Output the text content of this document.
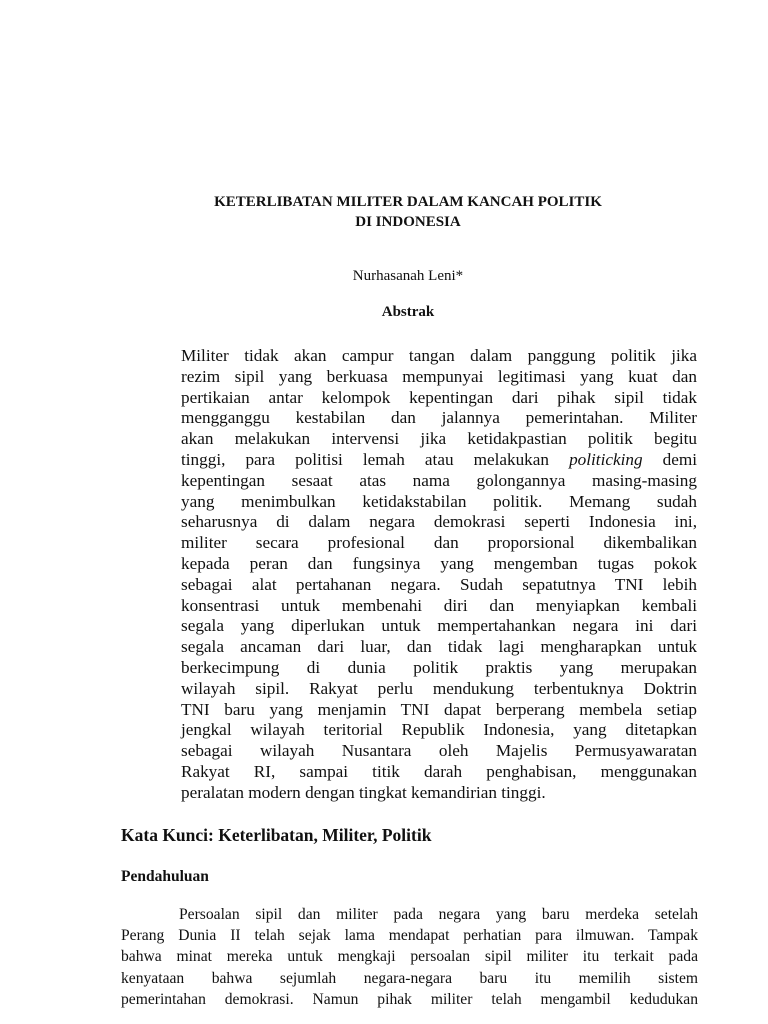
KETERLIBATAN MILITER DALAM KANCAH POLITIK
DI INDONESIA
Nurhasanah Leni*
Abstrak
Militer tidak akan campur tangan dalam panggung politik jika
rezim sipil yang berkuasa mempunyai legitimasi yang kuat dan
pertikaian antar kelompok kepentingan dari pihak sipil tidak
mengganggu kestabilan dan jalannya pemerintahan. Militer
akan melakukan intervensi jika ketidakpastian politik begitu
tinggi, para politisi lemah atau melakukan politicking demi
kepentingan sesaat atas nama golongannya masing-masing
yang menimbulkan ketidakstabilan politik. Memang sudah
seharusnya di dalam negara demokrasi seperti Indonesia ini,
militer secara profesional dan proporsional dikembalikan
kepada peran dan fungsinya yang mengemban tugas pokok
sebagai alat pertahanan negara. Sudah sepatutnya TNI lebih
konsentrasi untuk membenahi diri dan menyiapkan kembali
segala yang diperlukan untuk mempertahankan negara ini dari
segala ancaman dari luar, dan tidak lagi mengharapkan untuk
berkecimpung di dunia politik praktis yang merupakan
wilayah sipil. Rakyat perlu mendukung terbentuknya Doktrin
TNI baru yang menjamin TNI dapat berperang membela setiap
jengkal wilayah teritorial Republik Indonesia, yang ditetapkan
sebagai wilayah Nusantara oleh Majelis Permusyawaratan
Rakyat RI, sampai titik darah penghabisan, menggunakan
peralatan modern dengan tingkat kemandirian tinggi.
Kata Kunci: Keterlibatan, Militer, Politik
Pendahuluan
Persoalan sipil dan militer pada negara yang baru merdeka setelah
Perang Dunia II telah sejak lama mendapat perhatian para ilmuwan. Tampak
bahwa minat mereka untuk mengkaji persoalan sipil militer itu terkait pada
kenyataan bahwa sejumlah negara-negara baru itu memilih sistem
pemerintahan demokrasi. Namun pihak militer telah mengambil kedudukan
